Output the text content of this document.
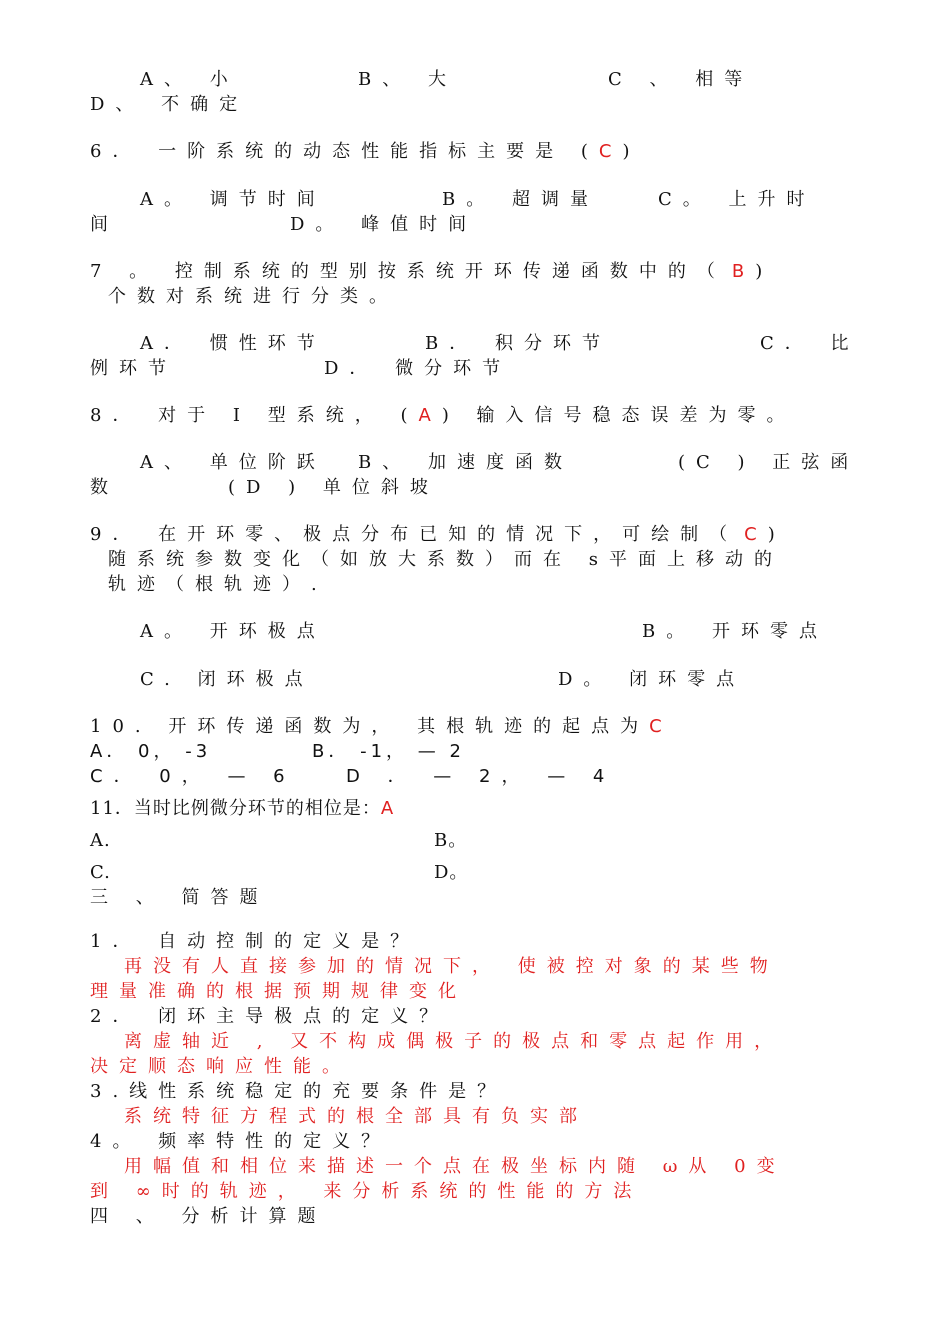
A、 小	B、 大	C 、 相等
D、 不确定
6． 一阶系统的动态性能指标主要是 (C)
A。 调节时间	B。 超调量	C。 上升时
间	D。 峰值时间
7 。 控制系统的型别按系统开环传递函数中的（ B)
个数对系统进行分类。
A． 惯性环节	B． 积分环节	C． 比
例环节	D． 微分环节
8． 对于 I 型系统， (A) 输入信号稳态误差为零。
A、 单位阶跃 B、 加速度函数	(C ) 正弦函
数	(D ) 单位斜坡
9． 在开环零、极点分布已知的情况下，可绘制（ C)
随系统参数变化（如放大系数）而在 s平面上移动的
轨迹（根轨迹）.
A。 开环极点	B。 开环零点
C. 闭环极点	D。 闭环零点
10. 开环传递函数为， 其根轨迹的起点为C
A． 0， -3	B． -1， — 2
C． 0， — 6	D ． — 2， — 4
11．当时比例微分环节的相位是：A
A.	B。
C.	D。
三 、 简答题
1． 自动控制的定义是？
再没有人直接参加的情况下， 使被控对象的某些物
理量准确的根据预期规律变化
2． 闭环主导极点的定义？
离虚轴近 , 又不构成偶极子的极点和零点起作用，
决定顺态响应性能。
3.线性系统稳定的充要条件是？
系统特征方程式的根全部具有负实部
4。 频率特性的定义？
用幅值和相位来描述一个点在极坐标内随 ω从 0变
到 ∞时的轨迹， 来分析系统的性能的方法
四 、 分析计算题
